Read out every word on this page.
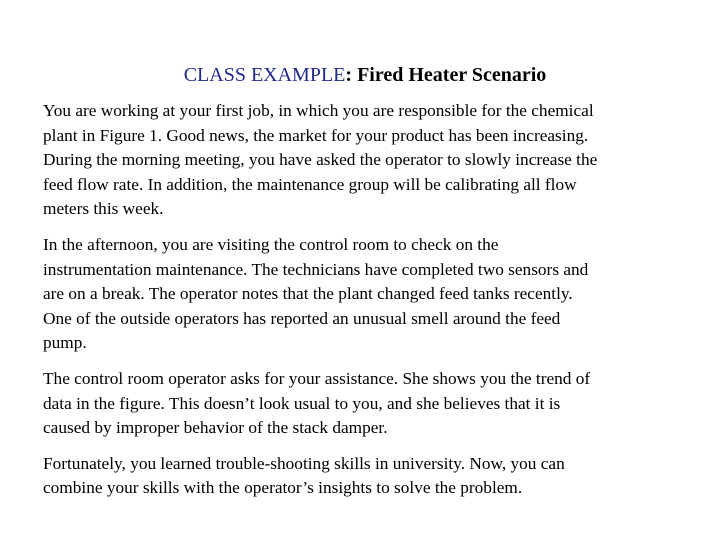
CLASS EXAMPLE: Fired Heater Scenario
You are working at your first job, in which you are responsible for the chemical
plant in Figure 1. Good news, the market for your product has been increasing.
During the morning meeting, you have asked the operator to slowly increase the
feed flow rate. In addition, the maintenance group will be calibrating all flow
meters this week.
In the afternoon, you are visiting the control room to check on the
instrumentation maintenance. The technicians have completed two sensors and
are on a break. The operator notes that the plant changed feed tanks recently.
One of the outside operators has reported an unusual smell around the feed
pump.
The control room operator asks for your assistance. She shows you the trend of
data in the figure. This doesn’t look usual to you, and she believes that it is
caused by improper behavior of the stack damper.
Fortunately, you learned trouble-shooting skills in university. Now, you can
combine your skills with the operator’s insights to solve the problem.
